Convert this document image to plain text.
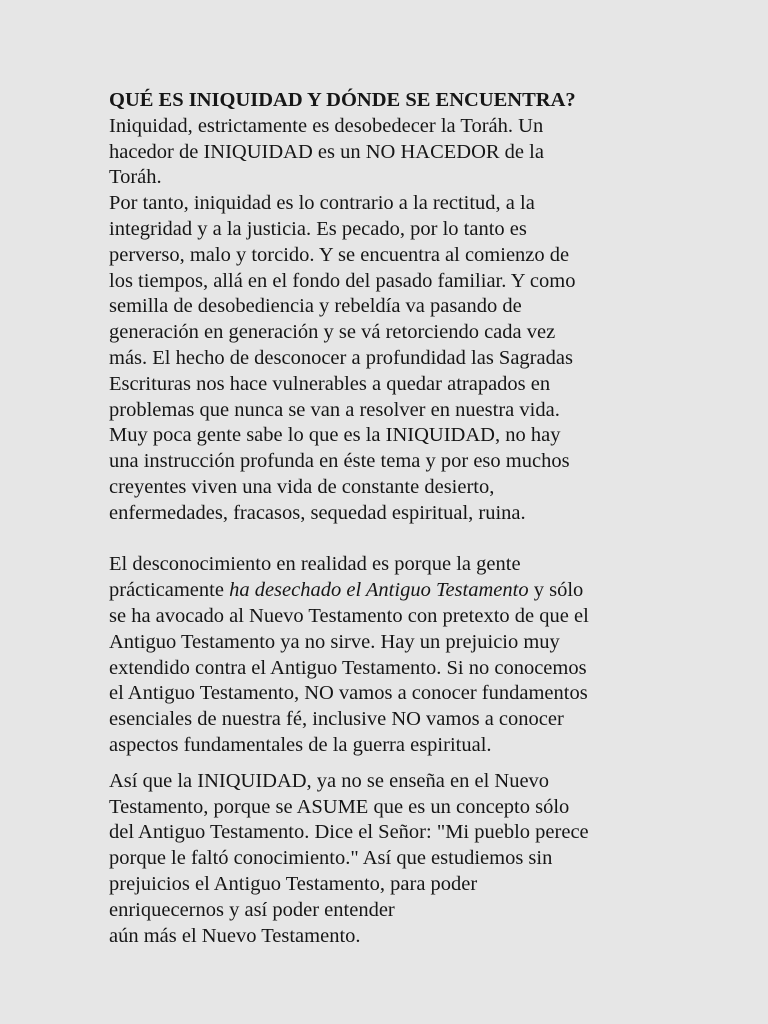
QUÉ ES INIQUIDAD Y DÓNDE SE ENCUENTRA?
Iniquidad, estrictamente es desobedecer la Toráh. Un
hacedor de INIQUIDAD es un NO HACEDOR de la
Toráh.
Por tanto, iniquidad es lo contrario a la rectitud, a la
integridad y a la justicia. Es pecado, por lo tanto es
perverso, malo y torcido. Y se encuentra al comienzo de
los tiempos, allá en el fondo del pasado familiar. Y como
semilla de desobediencia y rebeldía va pasando de
generación en generación y se vá retorciendo cada vez
más. El hecho de desconocer a profundidad las Sagradas
Escrituras nos hace vulnerables a quedar atrapados en
problemas que nunca se van a resolver en nuestra vida.
Muy poca gente sabe lo que es la INIQUIDAD, no hay
una instrucción profunda en éste tema y por eso muchos
creyentes viven una vida de constante desierto,
enfermedades, fracasos, sequedad espiritual, ruina.
El desconocimiento en realidad es porque la gente
prácticamente ha desechado el Antiguo Testamento y sólo
se ha avocado al Nuevo Testamento con pretexto de que el
Antiguo Testamento ya no sirve. Hay un prejuicio muy
extendido contra el Antiguo Testamento. Si no conocemos
el Antiguo Testamento, NO vamos a conocer fundamentos
esenciales de nuestra fé, inclusive NO vamos a conocer
aspectos fundamentales de la guerra espiritual.
Así que la INIQUIDAD, ya no se enseña en el Nuevo
Testamento, porque se ASUME que es un concepto sólo
del Antiguo Testamento. Dice el Señor: "Mi pueblo perece
porque le faltó conocimiento." Así que estudiemos sin
prejuicios el Antiguo Testamento, para poder
enriquecernos y así poder entender
aún más el Nuevo Testamento.
